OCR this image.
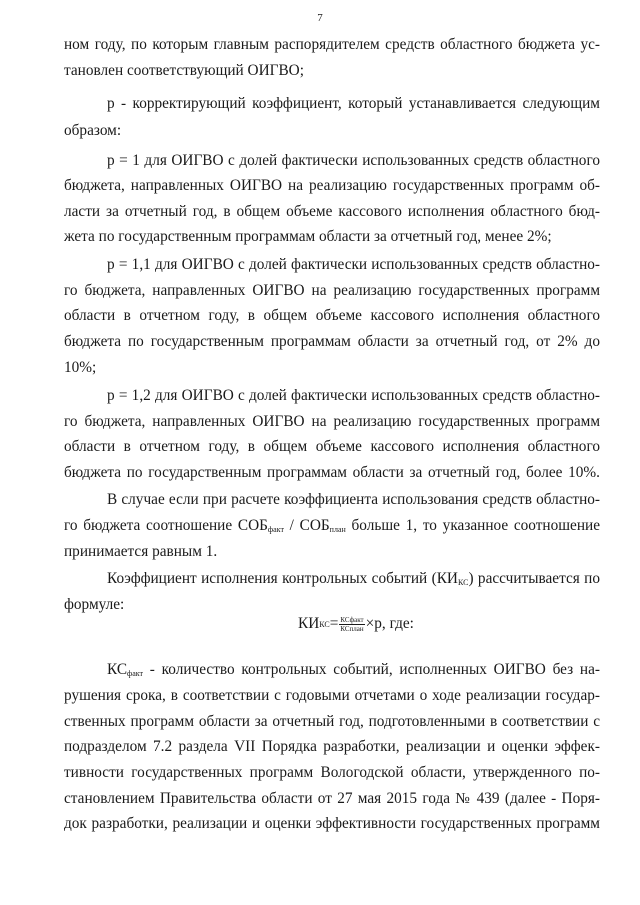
7
ном году, по которым главным распорядителем средств областного бюджета ус-
тановлен соответствующий ОИГВО;
р - корректирующий коэффициент, который устанавливается следующим
образом:
р = 1 для ОИГВО с долей фактически использованных средств областного
бюджета, направленных ОИГВО на реализацию государственных программ об-
ласти за отчетный год, в общем объеме кассового исполнения областного бюд-
жета по государственным программам области за отчетный год, менее 2%;
р = 1,1 для ОИГВО с долей фактически использованных средств областно-
го бюджета, направленных ОИГВО на реализацию государственных программ
области в отчетном году, в общем объеме кассового исполнения областного
бюджета по государственным программам области за отчетный год, от 2% до
10%;
р = 1,2 для ОИГВО с долей фактически использованных средств областно-
го бюджета, направленных ОИГВО на реализацию государственных программ
области в отчетном году, в общем объеме кассового исполнения областного
бюджета по государственным программам области за отчетный год, более 10%.
В случае если при расчете коэффициента использования средств областно-
го бюджета соотношение $СОБ_{факт} / СОБ_{план}$ больше 1, то указанное соотношение
принимается равным 1.
Коэффициент исполнения контрольных событий $(КИ_{КС})$ рассчитывается по
формуле:
КИ КС = $\frac{\text{КСфакт}}{\text{КСплан}} \times р$, где:
$КС_{факт}$ - количество контрольных событий, исполненных ОИГВО без на-
рушения срока, в соответствии с годовыми отчетами о ходе реализации государ-
ственных программ области за отчетный год, подготовленными в соответствии с
подразделом 7.2 раздела VII Порядка разработки, реализации и оценки эффек-
тивности государственных программ Вологодской области, утвержденного по-
становлением Правительства области от 27 мая 2015 года № 439 (далее - Поря-
док разработки, реализации и оценки эффективности государственных программ
